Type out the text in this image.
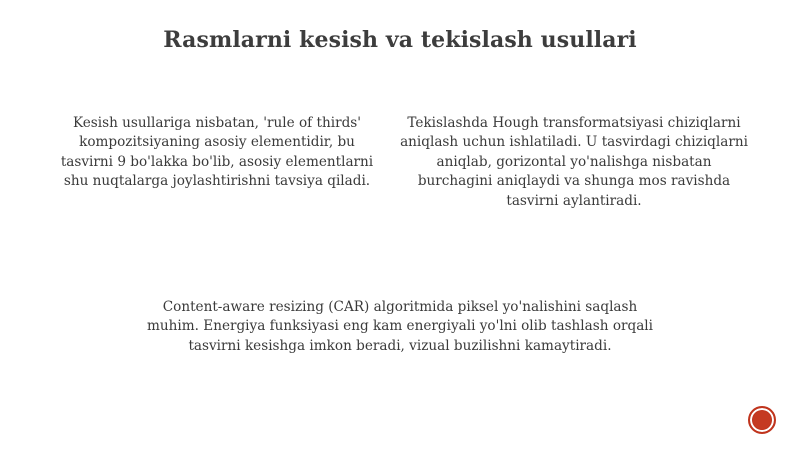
Rasmlarni kesish va tekislash usullari
Kesish usullariga nisbatan, 'rule of thirds' kompozitsiyaning asosiy elementidir, bu tasvirni 9 bo'lakka bo'lib, asosiy elementlarni shu nuqtalarga joylashtirishni tavsiya qiladi.
Tekislashda Hough transformatsiyasi chiziqlarni aniqlash uchun ishlatiladi. U tasvirdagi chiziqlarni aniqlab, gorizontal yo'nalishga nisbatan burchagini aniqlaydi va shunga mos ravishda tasvirni aylantiradi.
Content-aware resizing (CAR) algoritmida piksel yo'nalishini saqlash muhim. Energiya funksiyasi eng kam energiyali yo'lni olib tashlash orqali tasvirni kesishga imkon beradi, vizual buzilishni kamaytiradi.
